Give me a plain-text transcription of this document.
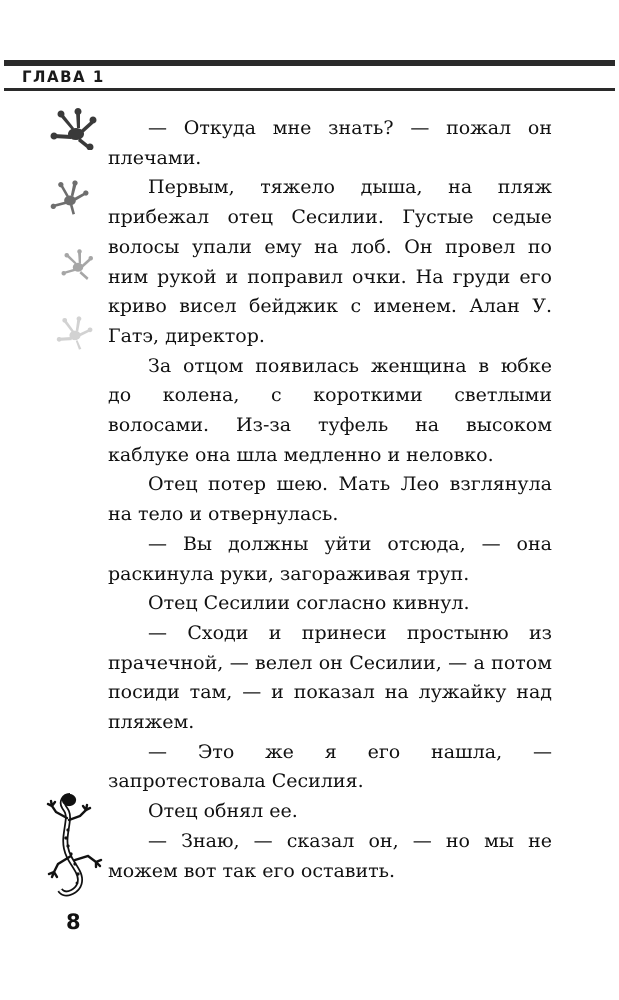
ГЛАВА 1

— Откуда мне знать? — пожал он плечами.

Первым, тяжело дыша, на пляж прибежал отец Сесилии. Густые седые волосы упали ему на лоб. Он провел по ним рукой и поправил очки. На груди его криво висел бейджик с именем. Алан У. Гатэ, директор.

За отцом появилась женщина в юбке до колена, с короткими светлыми волосами. Из-за туфель на высоком каблуке она шла медленно и неловко.

Отец потер шею. Мать Лео взглянула на тело и отвернулась.

— Вы должны уйти отсюда, — она раскинула руки, загораживая труп.

Отец Сесилии согласно кивнул.

— Сходи и принеси простыню из прачечной, — велел он Сесилии, — а потом посиди там, — и показал на лужайку над пляжем.

— Это же я его нашла, — запротестовала Сесилия.

Отец обнял ее.

— Знаю, — сказал он, — но мы не можем вот так его оставить.

8
